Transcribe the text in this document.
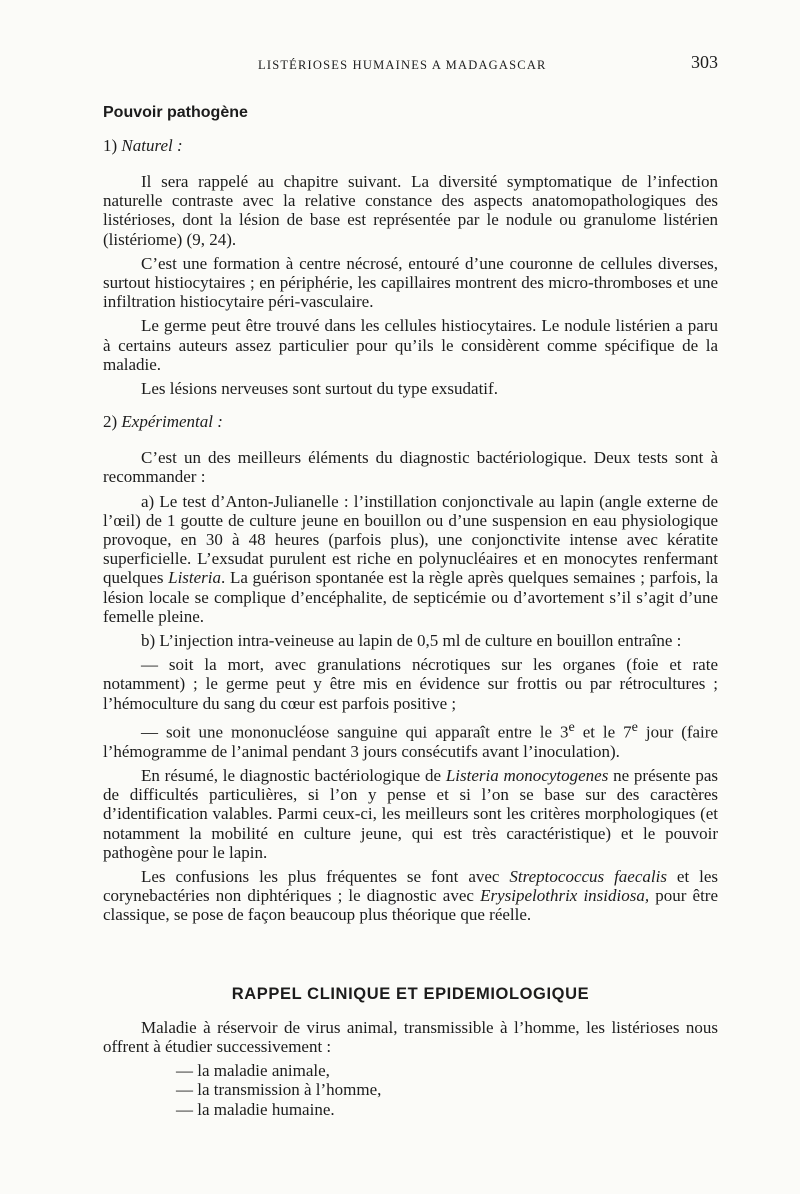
LISTÉRIOSES HUMAINES A MADAGASCAR	303
Pouvoir pathogène
1) Naturel :

Il sera rappelé au chapitre suivant. La diversité symptomatique de l’infection naturelle contraste avec la relative constance des aspects anatomopathologiques des listérioses, dont la lésion de base est représentée par le nodule ou granulome listérien (listériome) (9, 24).

C’est une formation à centre nécrosé, entouré d’une couronne de cellules diverses, surtout histiocytaires ; en périphérie, les capillaires montrent des micro-thromboses et une infiltration histiocytaire péri-vasculaire.

Le germe peut être trouvé dans les cellules histiocytaires. Le nodule listérien a paru à certains auteurs assez particulier pour qu’ils le considèrent comme spécifique de la maladie.

Les lésions nerveuses sont surtout du type exsudatif.

2) Expérimental :

C’est un des meilleurs éléments du diagnostic bactériologique. Deux tests sont à recommander :

a) Le test d’Anton-Julianelle : l’instillation conjonctivale au lapin (angle externe de l’œil) de 1 goutte de culture jeune en bouillon ou d’une suspension en eau physiologique provoque, en 30 à 48 heures (parfois plus), une conjonctivite intense avec kératite superficielle. L’exsudat purulent est riche en polynucléaires et en monocytes renfermant quelques Listeria. La guérison spontanée est la règle après quelques semaines ; parfois, la lésion locale se complique d’encéphalite, de septicémie ou d’avortement s’il s’agit d’une femelle pleine.

b) L’injection intra-veineuse au lapin de 0,5 ml de culture en bouillon entraîne :

— soit la mort, avec granulations nécrotiques sur les organes (foie et rate notamment) ; le germe peut y être mis en évidence sur frottis ou par rétrocultures ; l’hémoculture du sang du cœur est parfois positive ;

— soit une mononucléose sanguine qui apparaît entre le 3e et le 7e jour (faire l’hémogramme de l’animal pendant 3 jours consécutifs avant l’inoculation).

En résumé, le diagnostic bactériologique de Listeria monocytogenes ne présente pas de difficultés particulières, si l’on y pense et si l’on se base sur des caractères d’identification valables. Parmi ceux-ci, les meilleurs sont les critères morphologiques (et notamment la mobilité en culture jeune, qui est très caractéristique) et le pouvoir pathogène pour le lapin.

Les confusions les plus fréquentes se font avec Streptococcus faecalis et les corynebactéries non diphtériques ; le diagnostic avec Erysipelothrix insidiosa, pour être classique, se pose de façon beaucoup plus théorique que réelle.

RAPPEL CLINIQUE ET EPIDEMIOLOGIQUE

Maladie à réservoir de virus animal, transmissible à l’homme, les listérioses nous offrent à étudier successivement :

— la maladie animale,
— la transmission à l’homme,
— la maladie humaine.
